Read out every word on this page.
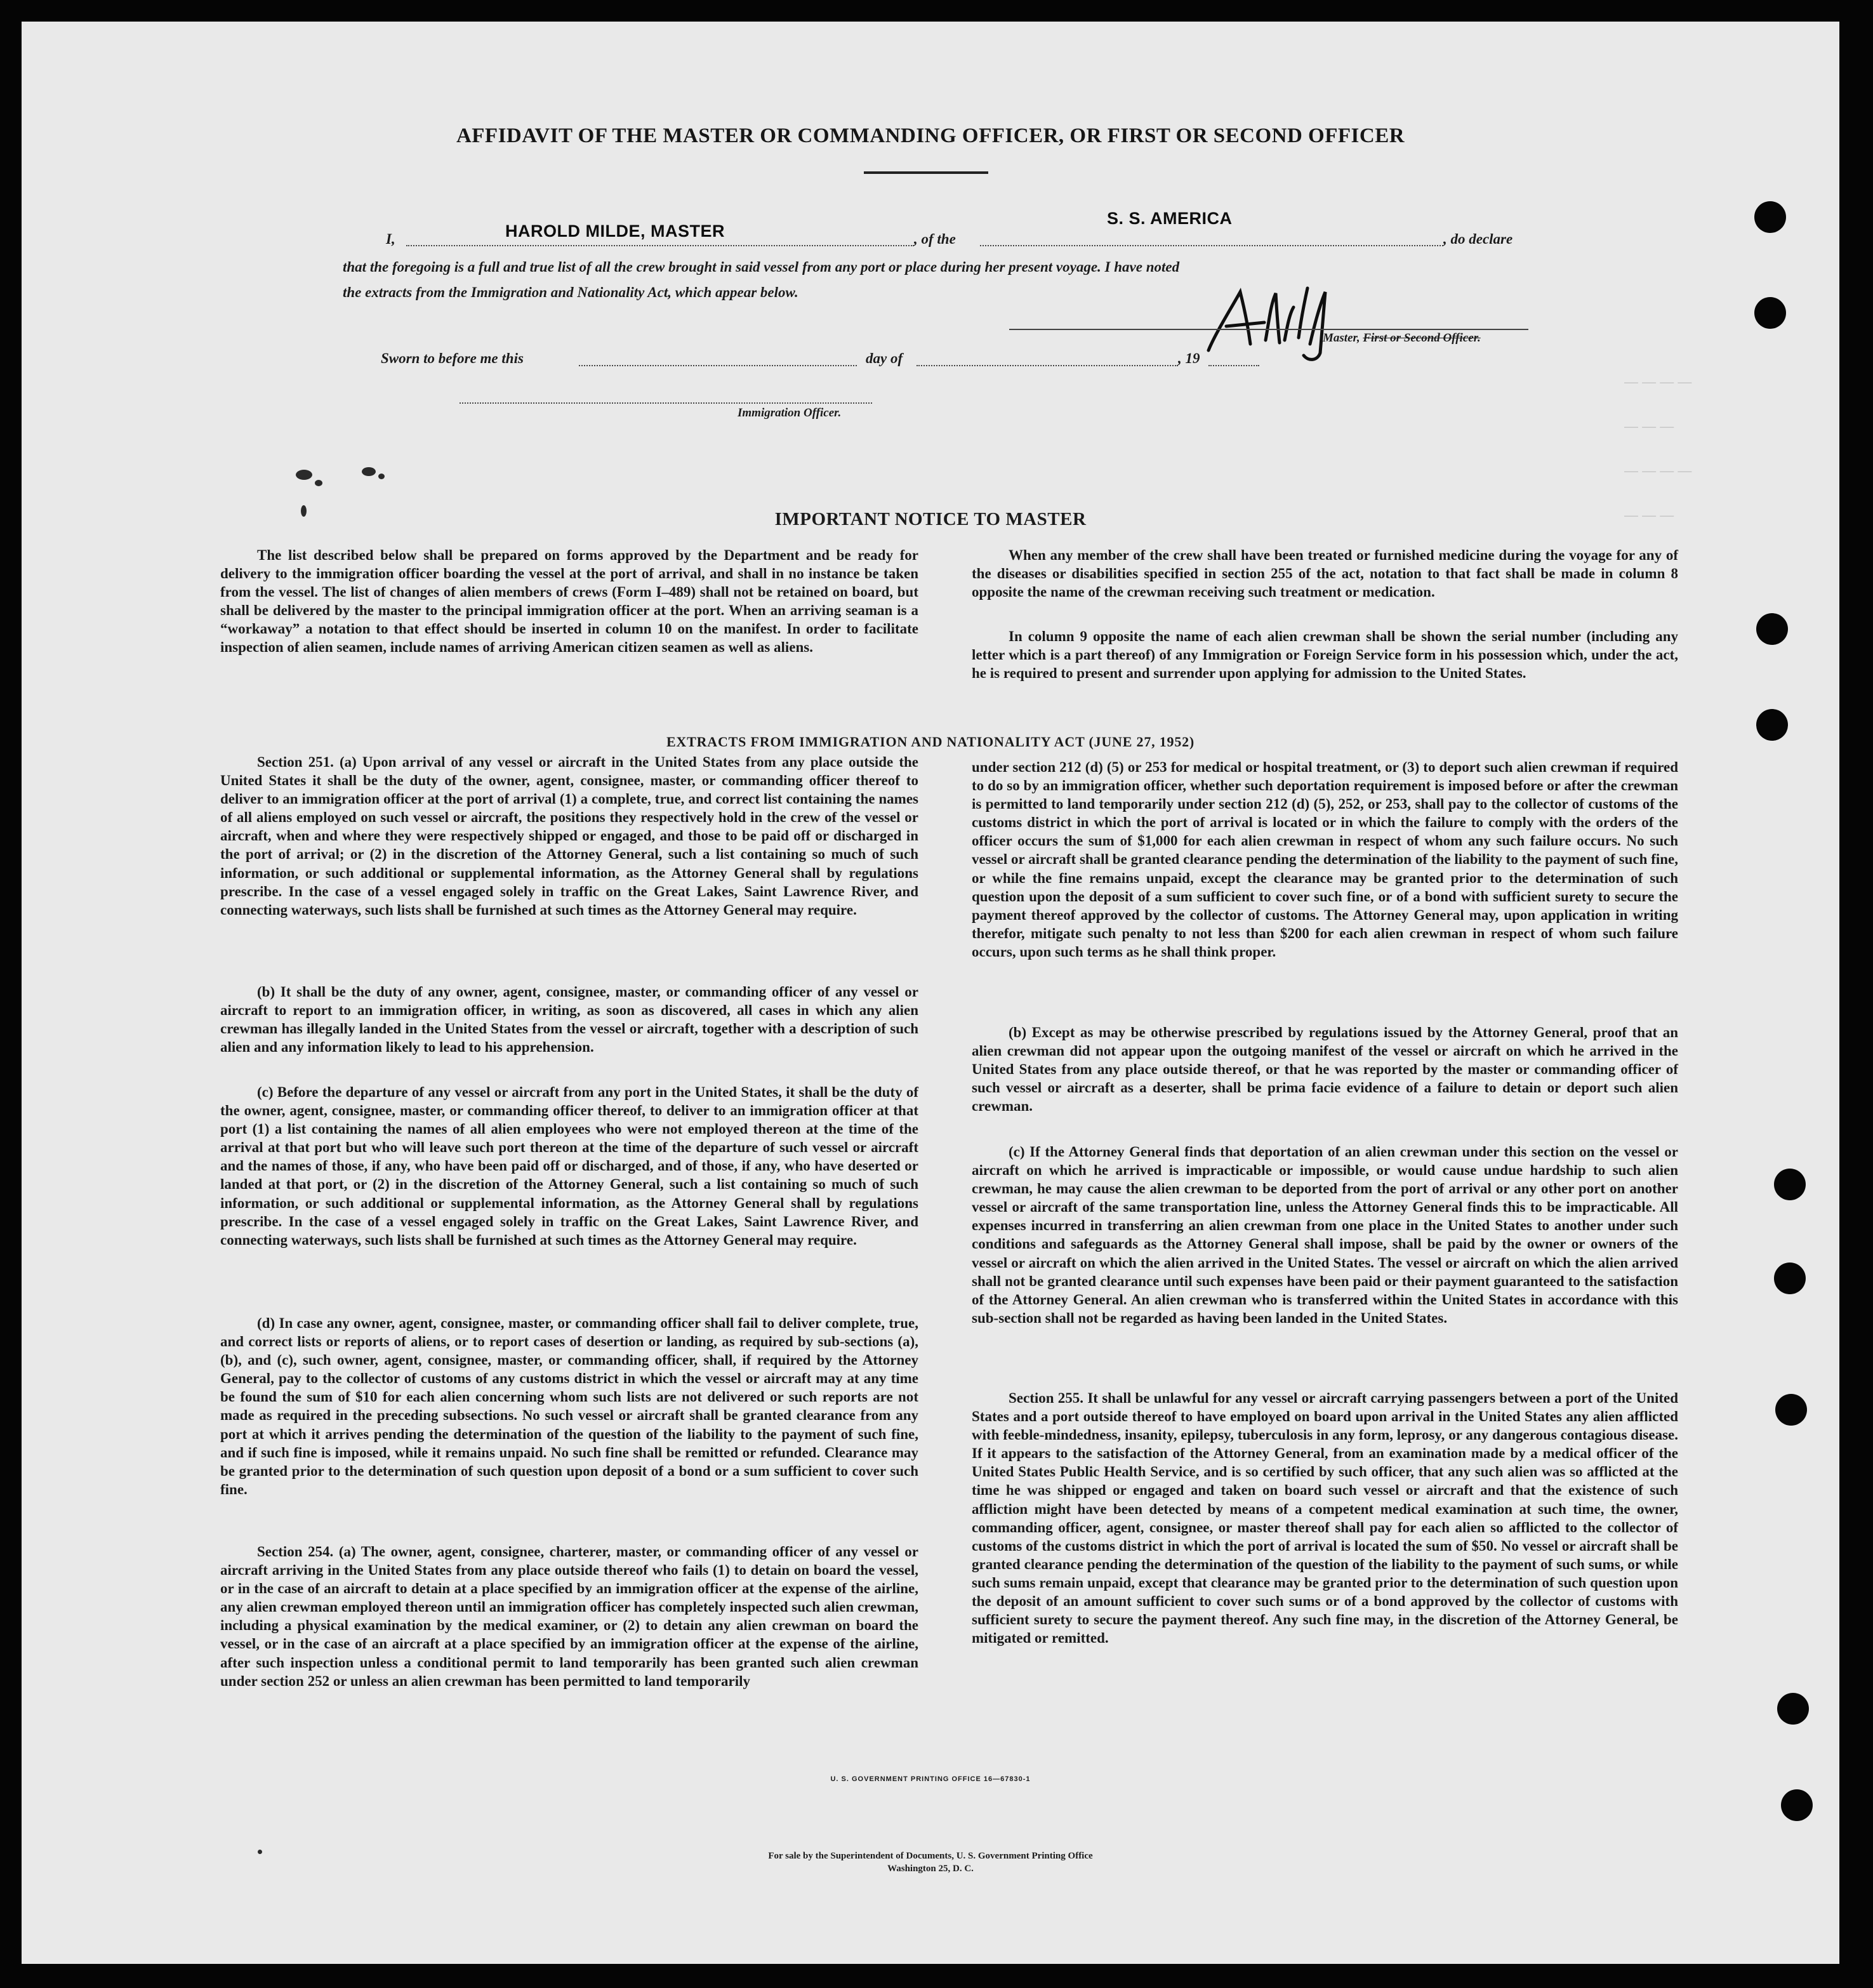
— — — —
— — —
— — — —
— — —
AFFIDAVIT OF THE MASTER OR COMMANDING OFFICER, OR FIRST OR SECOND OFFICER
I,	HAROLD MILDE, MASTER	, of the
S. S. AMERICA
, do declare
that the foregoing is a full and true list of all the crew brought in said vessel from any port or place during her present voyage. I have noted
the extracts from the Immigration and Nationality Act, which appear below.
Master, First or Second Officer.
Sworn to before me this	day of	, 19
Immigration Officer.
IMPORTANT NOTICE TO MASTER

The list described below shall be prepared on forms approved by the Department and be ready for delivery to the immigration officer boarding the vessel at the port of arrival, and shall in no instance be taken from the vessel. The list of changes of alien members of crews (Form I–489) shall not be retained on board, but shall be delivered by the master to the principal immigration officer at the port. When an arriving seaman is a “workaway” a notation to that effect should be inserted in column 10 on the manifest. In order to facilitate inspection of alien seamen, include names of arriving American citizen seamen as well as aliens.

When any member of the crew shall have been treated or furnished medicine during the voyage for any of the diseases or disabilities specified in section 255 of the act, notation to that fact shall be made in column 8 opposite the name of the crewman receiving such treatment or medication.

In column 9 opposite the name of each alien crewman shall be shown the serial number (including any letter which is a part thereof) of any Immigration or Foreign Service form in his possession which, under the act, he is required to present and surrender upon applying for admission to the United States.

EXTRACTS FROM IMMIGRATION AND NATIONALITY ACT (JUNE 27, 1952)

Section 251. (a) Upon arrival of any vessel or aircraft in the United States from any place outside the United States it shall be the duty of the owner, agent, consignee, master, or commanding officer thereof to deliver to an immigration officer at the port of arrival (1) a complete, true, and correct list containing the names of all aliens employed on such vessel or aircraft, the positions they respectively hold in the crew of the vessel or aircraft, when and where they were respectively shipped or engaged, and those to be paid off or discharged in the port of arrival; or (2) in the discretion of the Attorney General, such a list containing so much of such information, or such additional or supplemental information, as the Attorney General shall by regulations prescribe. In the case of a vessel engaged solely in traffic on the Great Lakes, Saint Lawrence River, and connecting waterways, such lists shall be furnished at such times as the Attorney General may require.

(b) It shall be the duty of any owner, agent, consignee, master, or commanding officer of any vessel or aircraft to report to an immigration officer, in writing, as soon as discovered, all cases in which any alien crewman has illegally landed in the United States from the vessel or aircraft, together with a description of such alien and any information likely to lead to his apprehension.

(c) Before the departure of any vessel or aircraft from any port in the United States, it shall be the duty of the owner, agent, consignee, master, or commanding officer thereof, to deliver to an immigration officer at that port (1) a list containing the names of all alien employees who were not employed thereon at the time of the arrival at that port but who will leave such port thereon at the time of the departure of such vessel or aircraft and the names of those, if any, who have been paid off or discharged, and of those, if any, who have deserted or landed at that port, or (2) in the discretion of the Attorney General, such a list containing so much of such information, or such additional or supplemental information, as the Attorney General shall by regulations prescribe. In the case of a vessel engaged solely in traffic on the Great Lakes, Saint Lawrence River, and connecting waterways, such lists shall be furnished at such times as the Attorney General may require.

(d) In case any owner, agent, consignee, master, or commanding officer shall fail to deliver complete, true, and correct lists or reports of aliens, or to report cases of desertion or landing, as required by sub-sections (a), (b), and (c), such owner, agent, consignee, master, or commanding officer, shall, if required by the Attorney General, pay to the collector of customs of any customs district in which the vessel or aircraft may at any time be found the sum of $10 for each alien concerning whom such lists are not delivered or such reports are not made as required in the preceding subsections. No such vessel or aircraft shall be granted clearance from any port at which it arrives pending the determination of the question of the liability to the payment of such fine, and if such fine is imposed, while it remains unpaid. No such fine shall be remitted or refunded. Clearance may be granted prior to the determination of such question upon deposit of a bond or a sum sufficient to cover such fine.

Section 254. (a) The owner, agent, consignee, charterer, master, or commanding officer of any vessel or aircraft arriving in the United States from any place outside thereof who fails (1) to detain on board the vessel, or in the case of an aircraft to detain at a place specified by an immigration officer at the expense of the airline, any alien crewman employed thereon until an immigration officer has completely inspected such alien crewman, including a physical examination by the medical examiner, or (2) to detain any alien crewman on board the vessel, or in the case of an aircraft at a place specified by an immigration officer at the expense of the airline, after such inspection unless a conditional permit to land temporarily has been granted such alien crewman under section 252 or unless an alien crewman has been permitted to land temporarily

under section 212 (d) (5) or 253 for medical or hospital treatment, or (3) to deport such alien crewman if required to do so by an immigration officer, whether such deportation requirement is imposed before or after the crewman is permitted to land temporarily under section 212 (d) (5), 252, or 253, shall pay to the collector of customs of the customs district in which the port of arrival is located or in which the failure to comply with the orders of the officer occurs the sum of $1,000 for each alien crewman in respect of whom any such failure occurs. No such vessel or aircraft shall be granted clearance pending the determination of the liability to the payment of such fine, or while the fine remains unpaid, except the clearance may be granted prior to the determination of such question upon the deposit of a sum sufficient to cover such fine, or of a bond with sufficient surety to secure the payment thereof approved by the collector of customs. The Attorney General may, upon application in writing therefor, mitigate such penalty to not less than $200 for each alien crewman in respect of whom such failure occurs, upon such terms as he shall think proper.

(b) Except as may be otherwise prescribed by regulations issued by the Attorney General, proof that an alien crewman did not appear upon the outgoing manifest of the vessel or aircraft on which he arrived in the United States from any place outside thereof, or that he was reported by the master or commanding officer of such vessel or aircraft as a deserter, shall be prima facie evidence of a failure to detain or deport such alien crewman.

(c) If the Attorney General finds that deportation of an alien crewman under this section on the vessel or aircraft on which he arrived is impracticable or impossible, or would cause undue hardship to such alien crewman, he may cause the alien crewman to be deported from the port of arrival or any other port on another vessel or aircraft of the same transportation line, unless the Attorney General finds this to be impracticable. All expenses incurred in transferring an alien crewman from one place in the United States to another under such conditions and safeguards as the Attorney General shall impose, shall be paid by the owner or owners of the vessel or aircraft on which the alien arrived in the United States. The vessel or aircraft on which the alien arrived shall not be granted clearance until such expenses have been paid or their payment guaranteed to the satisfaction of the Attorney General. An alien crewman who is transferred within the United States in accordance with this sub-section shall not be regarded as having been landed in the United States.

Section 255. It shall be unlawful for any vessel or aircraft carrying passengers between a port of the United States and a port outside thereof to have employed on board upon arrival in the United States any alien afflicted with feeble-mindedness, insanity, epilepsy, tuberculosis in any form, leprosy, or any dangerous contagious disease. If it appears to the satisfaction of the Attorney General, from an examination made by a medical officer of the United States Public Health Service, and is so certified by such officer, that any such alien was so afflicted at the time he was shipped or engaged and taken on board such vessel or aircraft and that the existence of such affliction might have been detected by means of a competent medical examination at such time, the owner, commanding officer, agent, consignee, or master thereof shall pay for each alien so afflicted to the collector of customs of the customs district in which the port of arrival is located the sum of $50. No vessel or aircraft shall be granted clearance pending the determination of the question of the liability to the payment of such sums, or while such sums remain unpaid, except that clearance may be granted prior to the determination of such question upon the deposit of an amount sufficient to cover such sums or of a bond approved by the collector of customs with sufficient surety to secure the payment thereof. Any such fine may, in the discretion of the Attorney General, be mitigated or remitted.

U. S. GOVERNMENT PRINTING OFFICE 16—67830-1
For sale by the Superintendent of Documents, U. S. Government Printing Office
Washington 25, D. C.
